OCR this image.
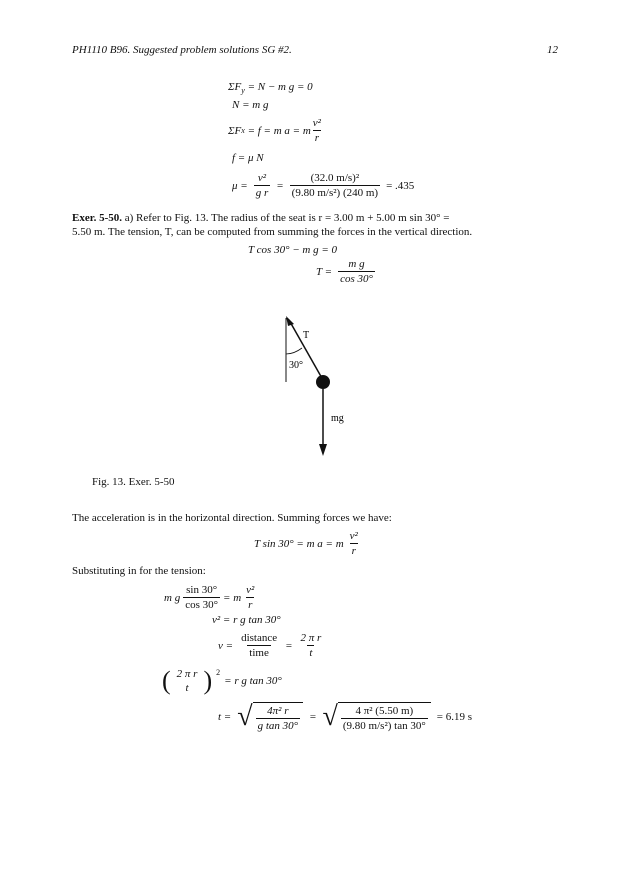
PH1110 B96. Suggested problem solutions SG #2.	12
$\Sigma F_y = N - m$ g = 0
N = m g
ΣF x
= f = m a = m $\frac{\text{v²}}{r}$
f = μ N
$\mu = \frac{\text{v²}}{\text{g r}} = \frac{\text{(32.0 m/s)²}}{\text{(9.80 m/s²) (240 m)}} = .435$
Exer. 5-50. a) Refer to Fig. 13. The radius of the seat is r = 3.00 m + 5.00 m sin 30° =
5.50 m. The tension, T, can be computed from summing the forces in the vertical direction.
T cos 30° − m g = 0
$T = \frac{\text{m g}}{\cos 30^\circ}$
T
30°
mg
Fig. 13. Exer. 5-50
The acceleration is in the horizontal direction. Summing forces we have:
T sin 30° = m a = m $\frac{\text{v²}}{r}$
Substituting in for the tension:
m g $\frac{\sin 30^\circ}{\cos 30^\circ} = m \frac{\text{v²}}{r}$
v² = r g tan 30°
$v = \frac{\text{distance}}{\text{time}} = \frac{\text{2 π r}}{t}$
( 2 π r
t ) $^2$
= r g tan 30°
t = √ $\frac{\text{4π² r}}{\text{g tan 30°}}$ = √ $\frac{\text{4 π² (5.50 m)}}{\text{(9.80 m/s²) tan 30°}} = 6.19$ s
